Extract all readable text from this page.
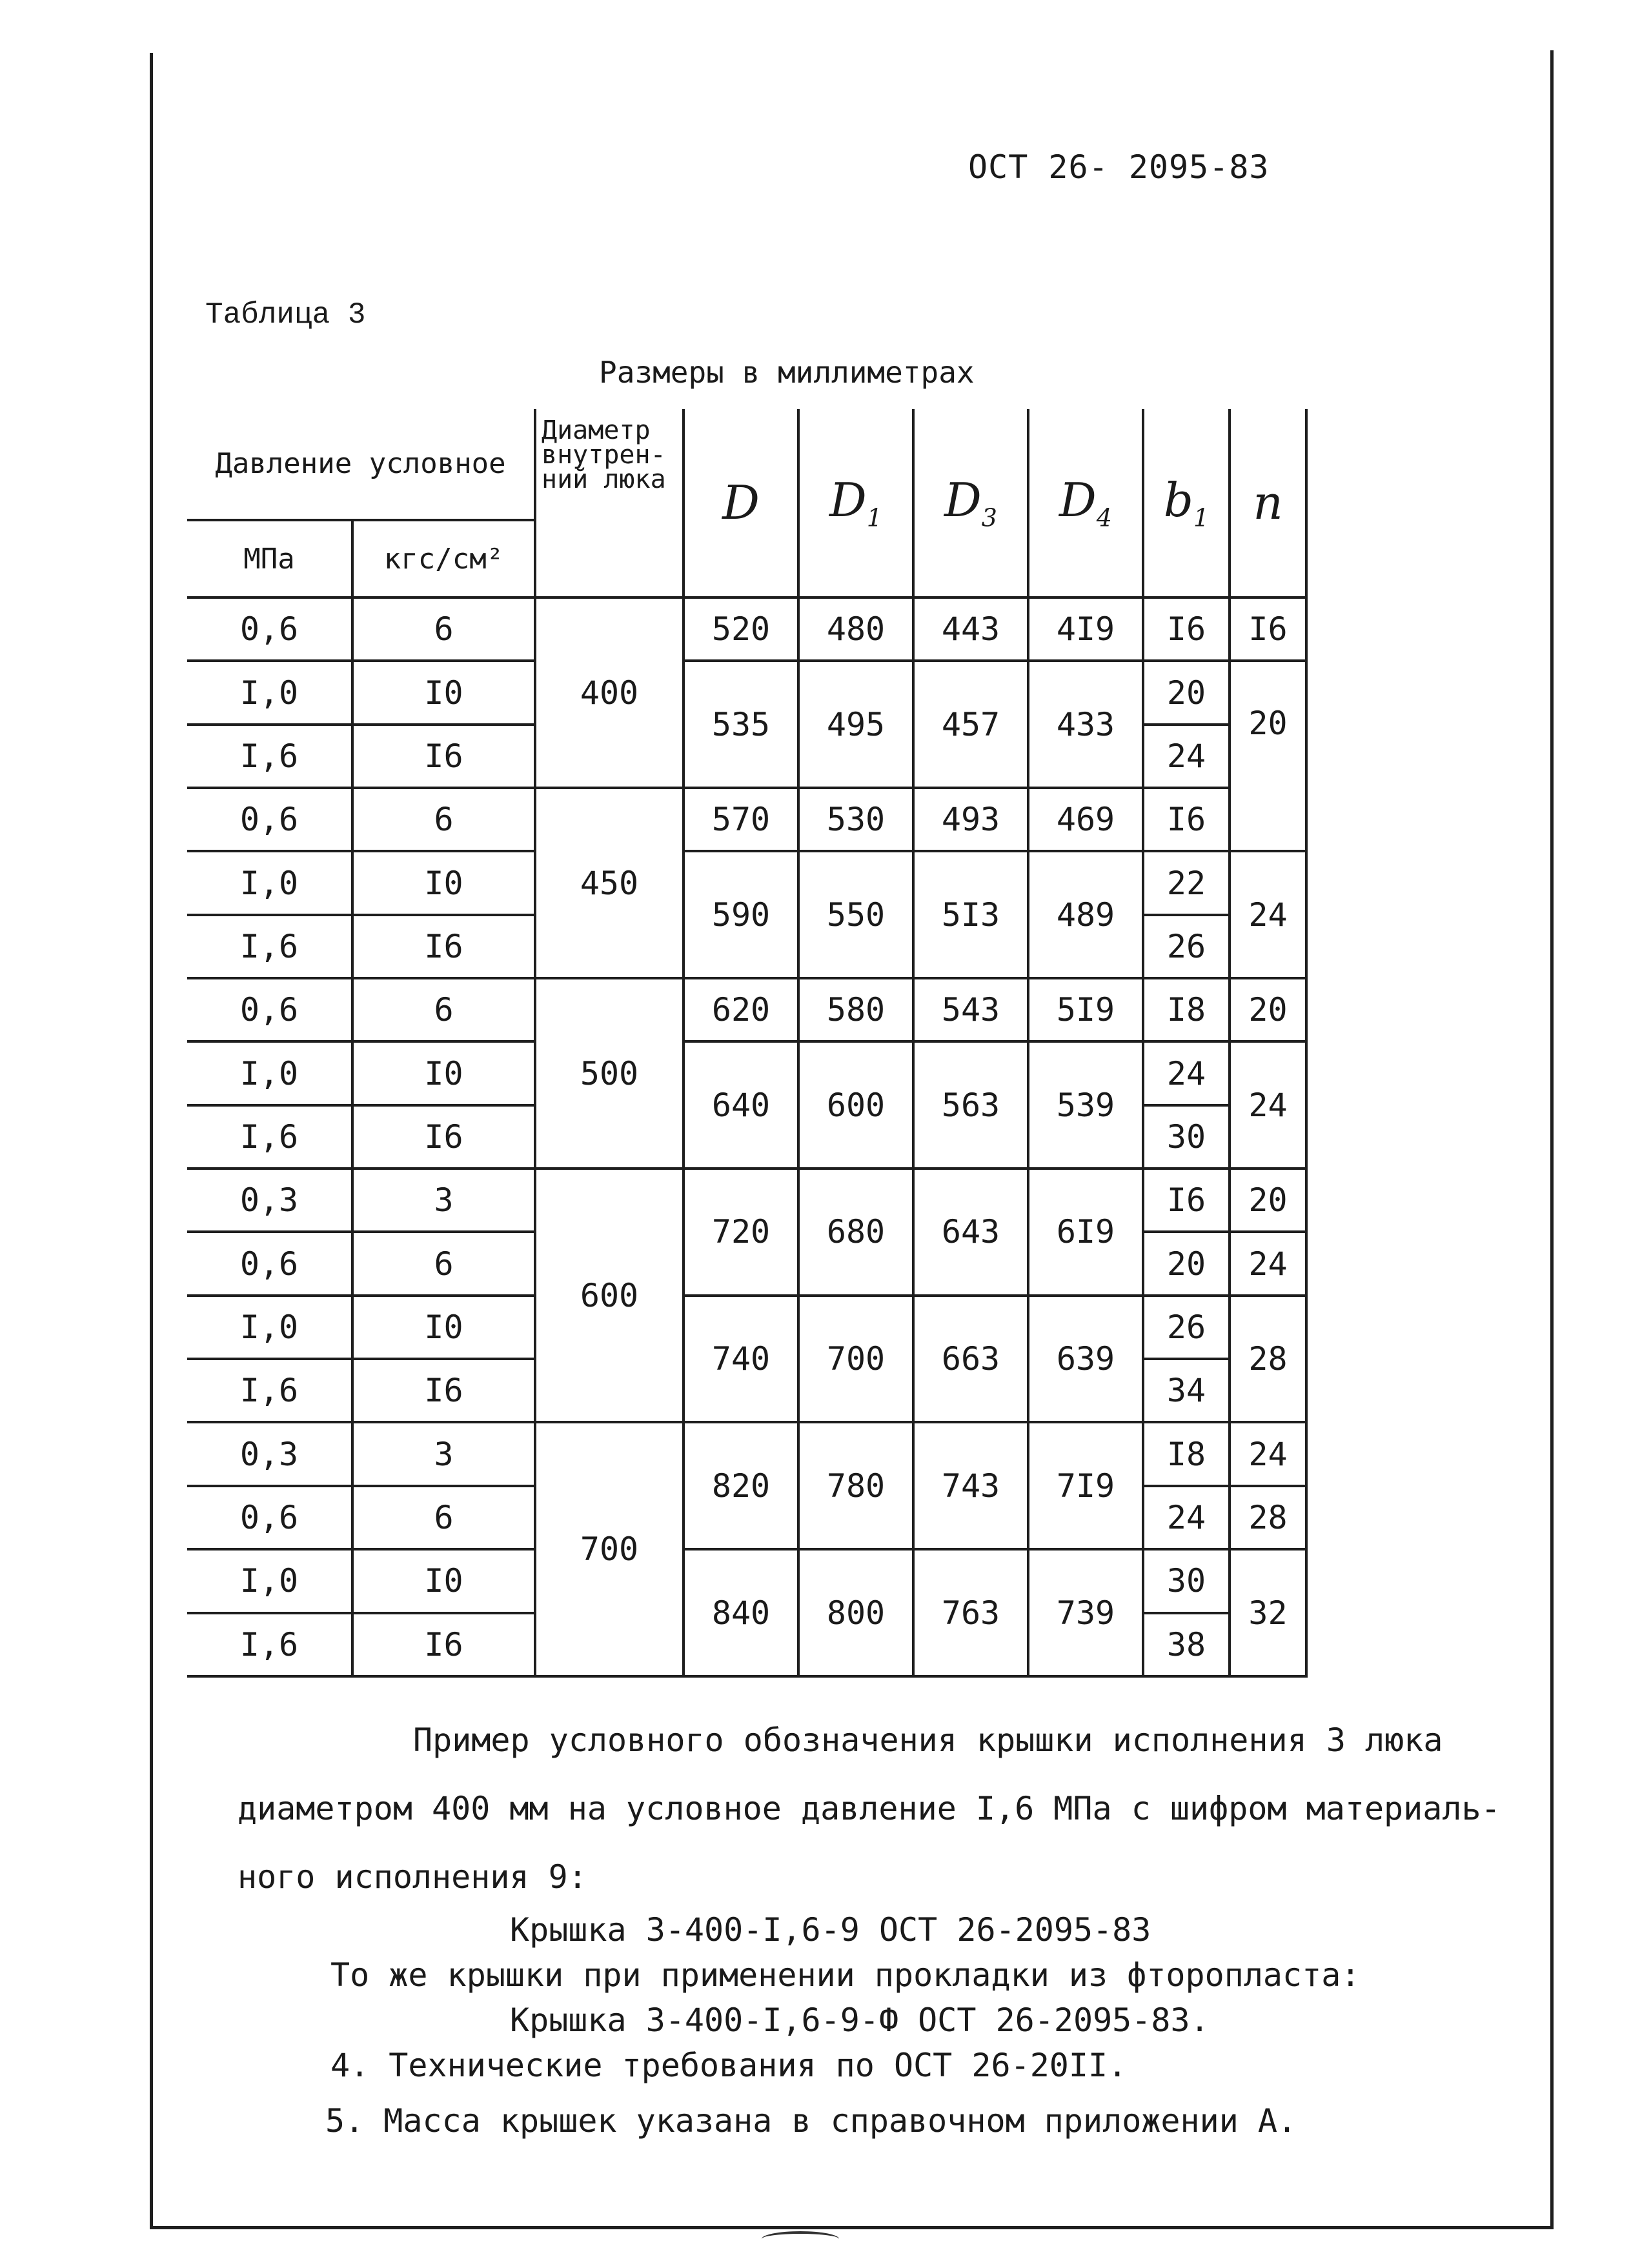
ОСТ 26- 2095-83
Таблица 3
Размеры в миллиметрах
Давление условное		Диаметр внутрен-ний люка	D	$D_1$	$D_3$	$D_4$	$b_1$	n
МПа	кгс/см²							
0,6	6	400	520	480	443	4I9	I6	I6
I,0	I0		535	495	457	433	20	20
I,6	I6						24	
0,6	6	450	570	530	493	469	I6	
I,0	I0		590	550	5I3	489	22	24
I,6	I6						26	
0,6	6	500	620	580	543	5I9	I8	20
I,0	I0		640	600	563	539	24	24
I,6	I6						30	
0,3	3	600	720	680	643	6I9	I6	20
0,6	6						20	24
I,0	I0		740	700	663	639	26	28
I,6	I6						34	
0,3	3	700	820	780	743	7I9	I8	24
0,6	6						24	28
I,0	I0		840	800	763	739	30	32
I,6	I6						38	
Пример условного обозначения крышки исполнения 3 люка
диаметром 400 мм на условное давление I,6 МПа с шифром материаль-
ного исполнения 9:
Крышка 3-400-I,6-9 ОСТ 26-2095-83
То же крышки при применении прокладки из фторопласта:
Крышка 3-400-I,6-9-Ф ОСТ 26-2095-83.
4. Технические требования по ОСТ 26-20II.
5. Масса крышек указана в справочном приложении А.
